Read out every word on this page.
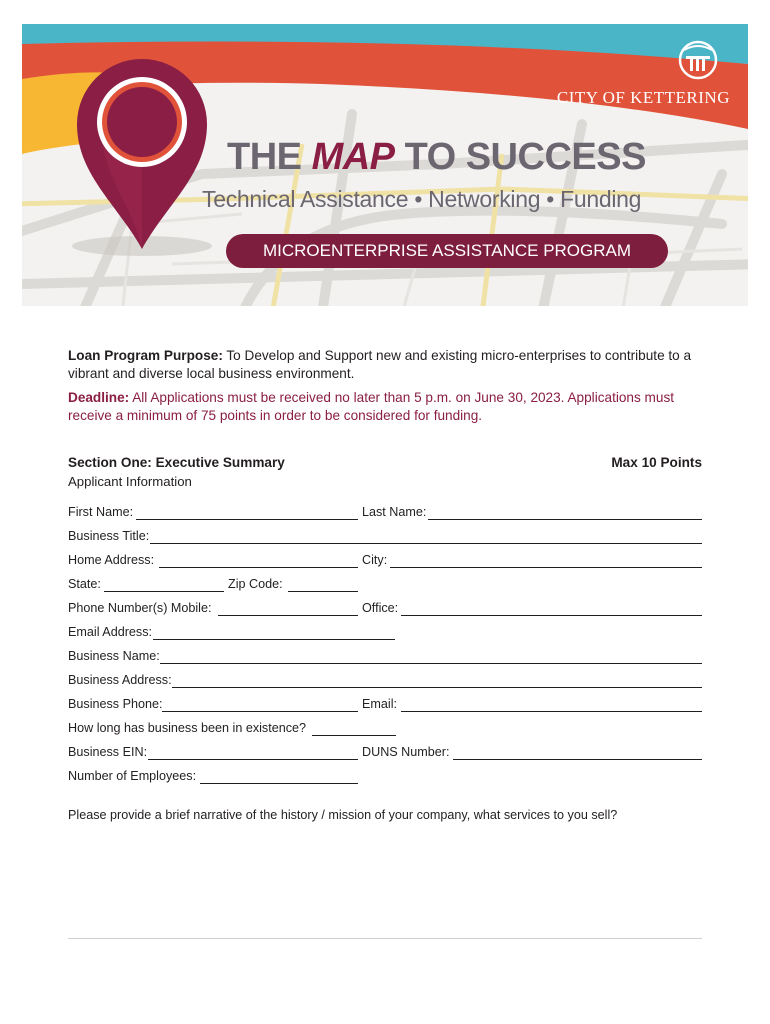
CITY OF KETTERING
THE MAP TO SUCCESS
Technical Assistance • Networking • Funding
MICROENTERPRISE ASSISTANCE PROGRAM
Loan Program Purpose: To Develop and Support new and existing micro-enterprises to contribute to a vibrant and diverse local business environment.
Deadline: All Applications must be received no later than 5 p.m. on June 30, 2023. Applications must receive a minimum of 75 points in order to be considered for funding.
Section One: Executive Summary	Max 10 Points
Applicant Information
First Name:	Last Name:
Business Title:
Home Address:	City:
State:	Zip Code:
Phone Number(s) Mobile:	Office:
Email Address:
Business Name:
Business Address:
Business Phone:	Email:
How long has business been in existence?
Business EIN:	DUNS Number:
Number of Employees:
Please provide a brief narrative of the history / mission of your company, what services to you sell?
